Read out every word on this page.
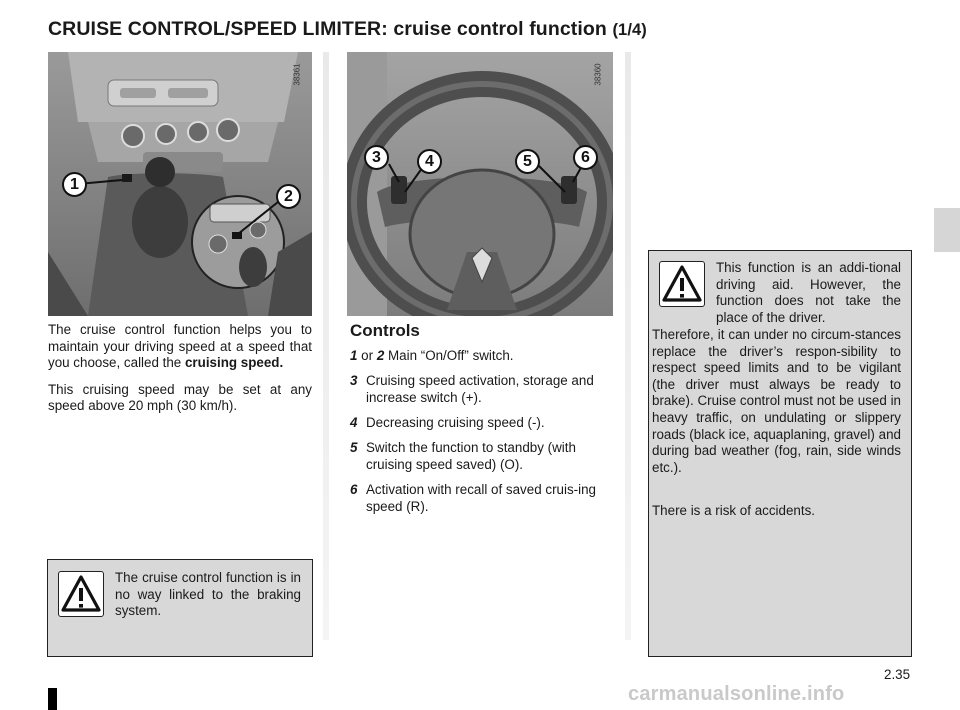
CRUISE CONTROL/SPEED LIMITER: cruise control function (1/4)
38361
1
2
38360
3	4	5	6

The cruise control function helps you to maintain your driving speed at a speed that you choose, called the cruising speed.

This cruising speed may be set at any speed above 20 mph (30 km/h).

The cruise control function is in no way linked to the braking system.
Controls
1 or 2 Main “On/Off” switch.
3 Cruising speed activation, storage and increase switch (+).
4 Decreasing cruising speed (-).
5 Switch the function to standby (with cruising speed saved) (O).
6 Activation with recall of saved cruis-ing speed (R).
This function is an addi-tional driving aid. However, the function does not take the place of the driver.
Therefore, it can under no circum-stances replace the driver’s respon-sibility to respect speed limits and to be vigilant (the driver must always be ready to brake). Cruise control must not be used in heavy traffic, on undulating or slippery roads (black ice, aquaplaning, gravel) and during bad weather (fog, rain, side winds etc.).
There is a risk of accidents.
2.35
carmanualsonline.info
